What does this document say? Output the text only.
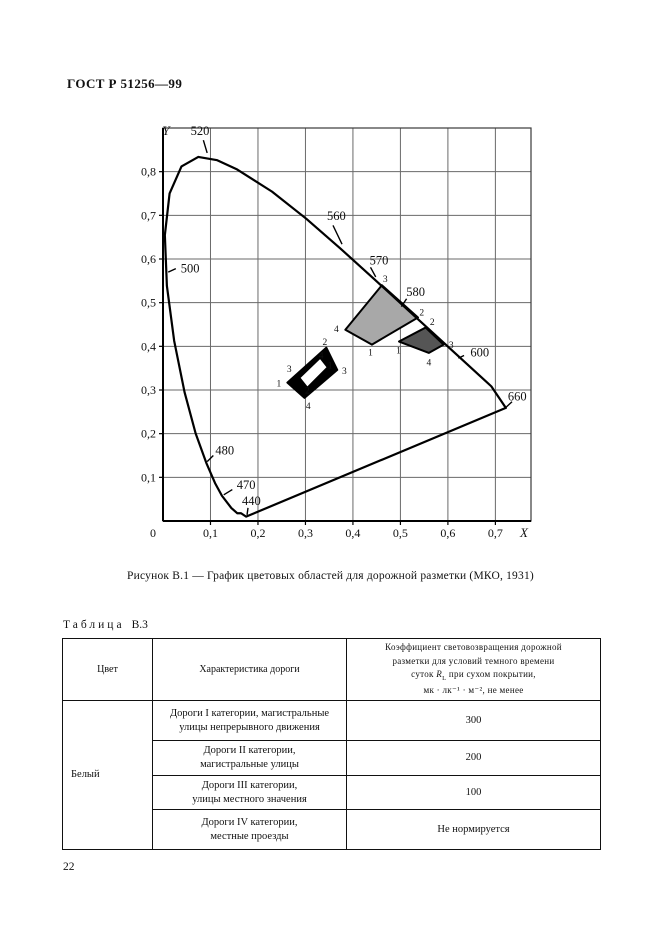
ГОСТ Р 51256—99
0,1	0,2	0,3	0,4	0,5	0,6	0,7
0,1
0,2
0,3
0,4
0,5
0,6
0,7
0,8
0	X
Y 520
560
570
580
600
660
500
480
470
440
1
2
3
4
1
2
3
4
1
2
3
4
3
4
1
2
Рисунок В.1 — График цветовых областей для дорожной разметки (МКО, 1931)
Таблица В.3
Цвет	Характеристика дороги	Коэффициент световозвращения дорожной
разметки для условий темного времени
суток $R_L$ при сухом покрытии,
мк · лк⁻¹ · м⁻², не менее
Белый	Дороги I категории, магистральные
улицы непрерывного движения	300
	Дороги II категории,
магистральные улицы	200
	Дороги III категории,
улицы местного значения	100
	Дороги IV категории,
местные проезды	Не нормируется
22
